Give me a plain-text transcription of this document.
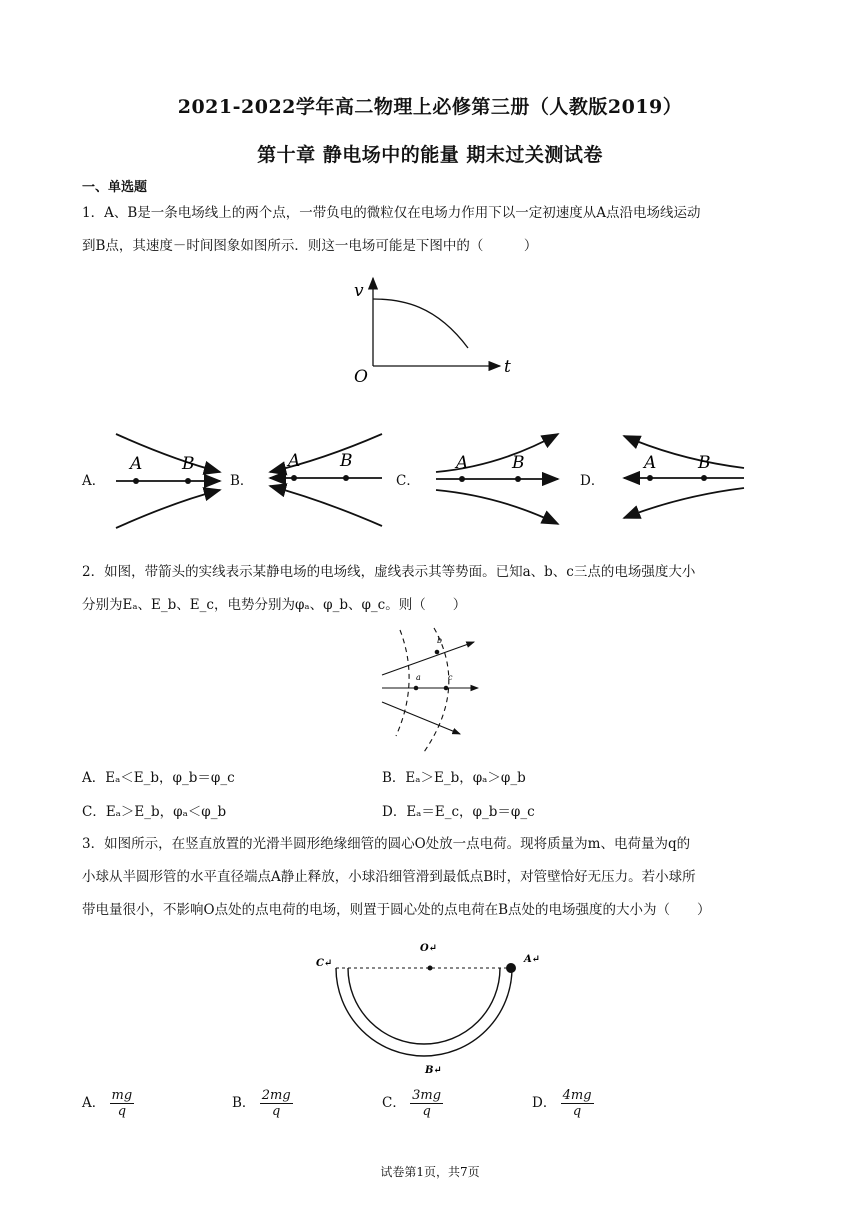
2021-2022学年高二物理上必修第三册（人教版2019）
第十章 静电场中的能量 期末过关测试卷
一、单选题
1．A、B是一条电场线上的两个点，一带负电的微粒仅在电场力作用下以一定初速度从A点沿电场线运动
到B点，其速度－时间图象如图所示．则这一电场可能是下图中的（　　　）
v
t
O
A．
A B
B．
A B
C．
A	B
D．
A B
2．如图，带箭头的实线表示某静电场的电场线，虚线表示其等势面。已知a、b、c三点的电场强度大小
分别为Eₐ、E_b、E_c，电势分别为φₐ、φ_b、φ_c。则（　　）
a
b
c
A．Eₐ＜E_b，φ_b＝φ_c	B．Eₐ＞E_b，φₐ＞φ_b
C．Eₐ＞E_b，φₐ＜φ_b	D．Eₐ＝E_c，φ_b＝φ_c
3．如图所示，在竖直放置的光滑半圆形绝缘细管的圆心O处放一点电荷。现将质量为m、电荷量为q的
小球从半圆形管的水平直径端点A静止释放，小球沿细管滑到最低点B时，对管壁恰好无压力。若小球所
带电量很小，不影响O点处的点电荷的电场，则置于圆心处的点电荷在B点处的电场强度的大小为（　　）
C↵
O↵
A↵
B↵
A． $\frac{mg}{q}$	B． $\frac{2mg}{q}$	C． $\frac{3mg}{q}$	D． $\frac{4mg}{q}$
试卷第1页，共7页
